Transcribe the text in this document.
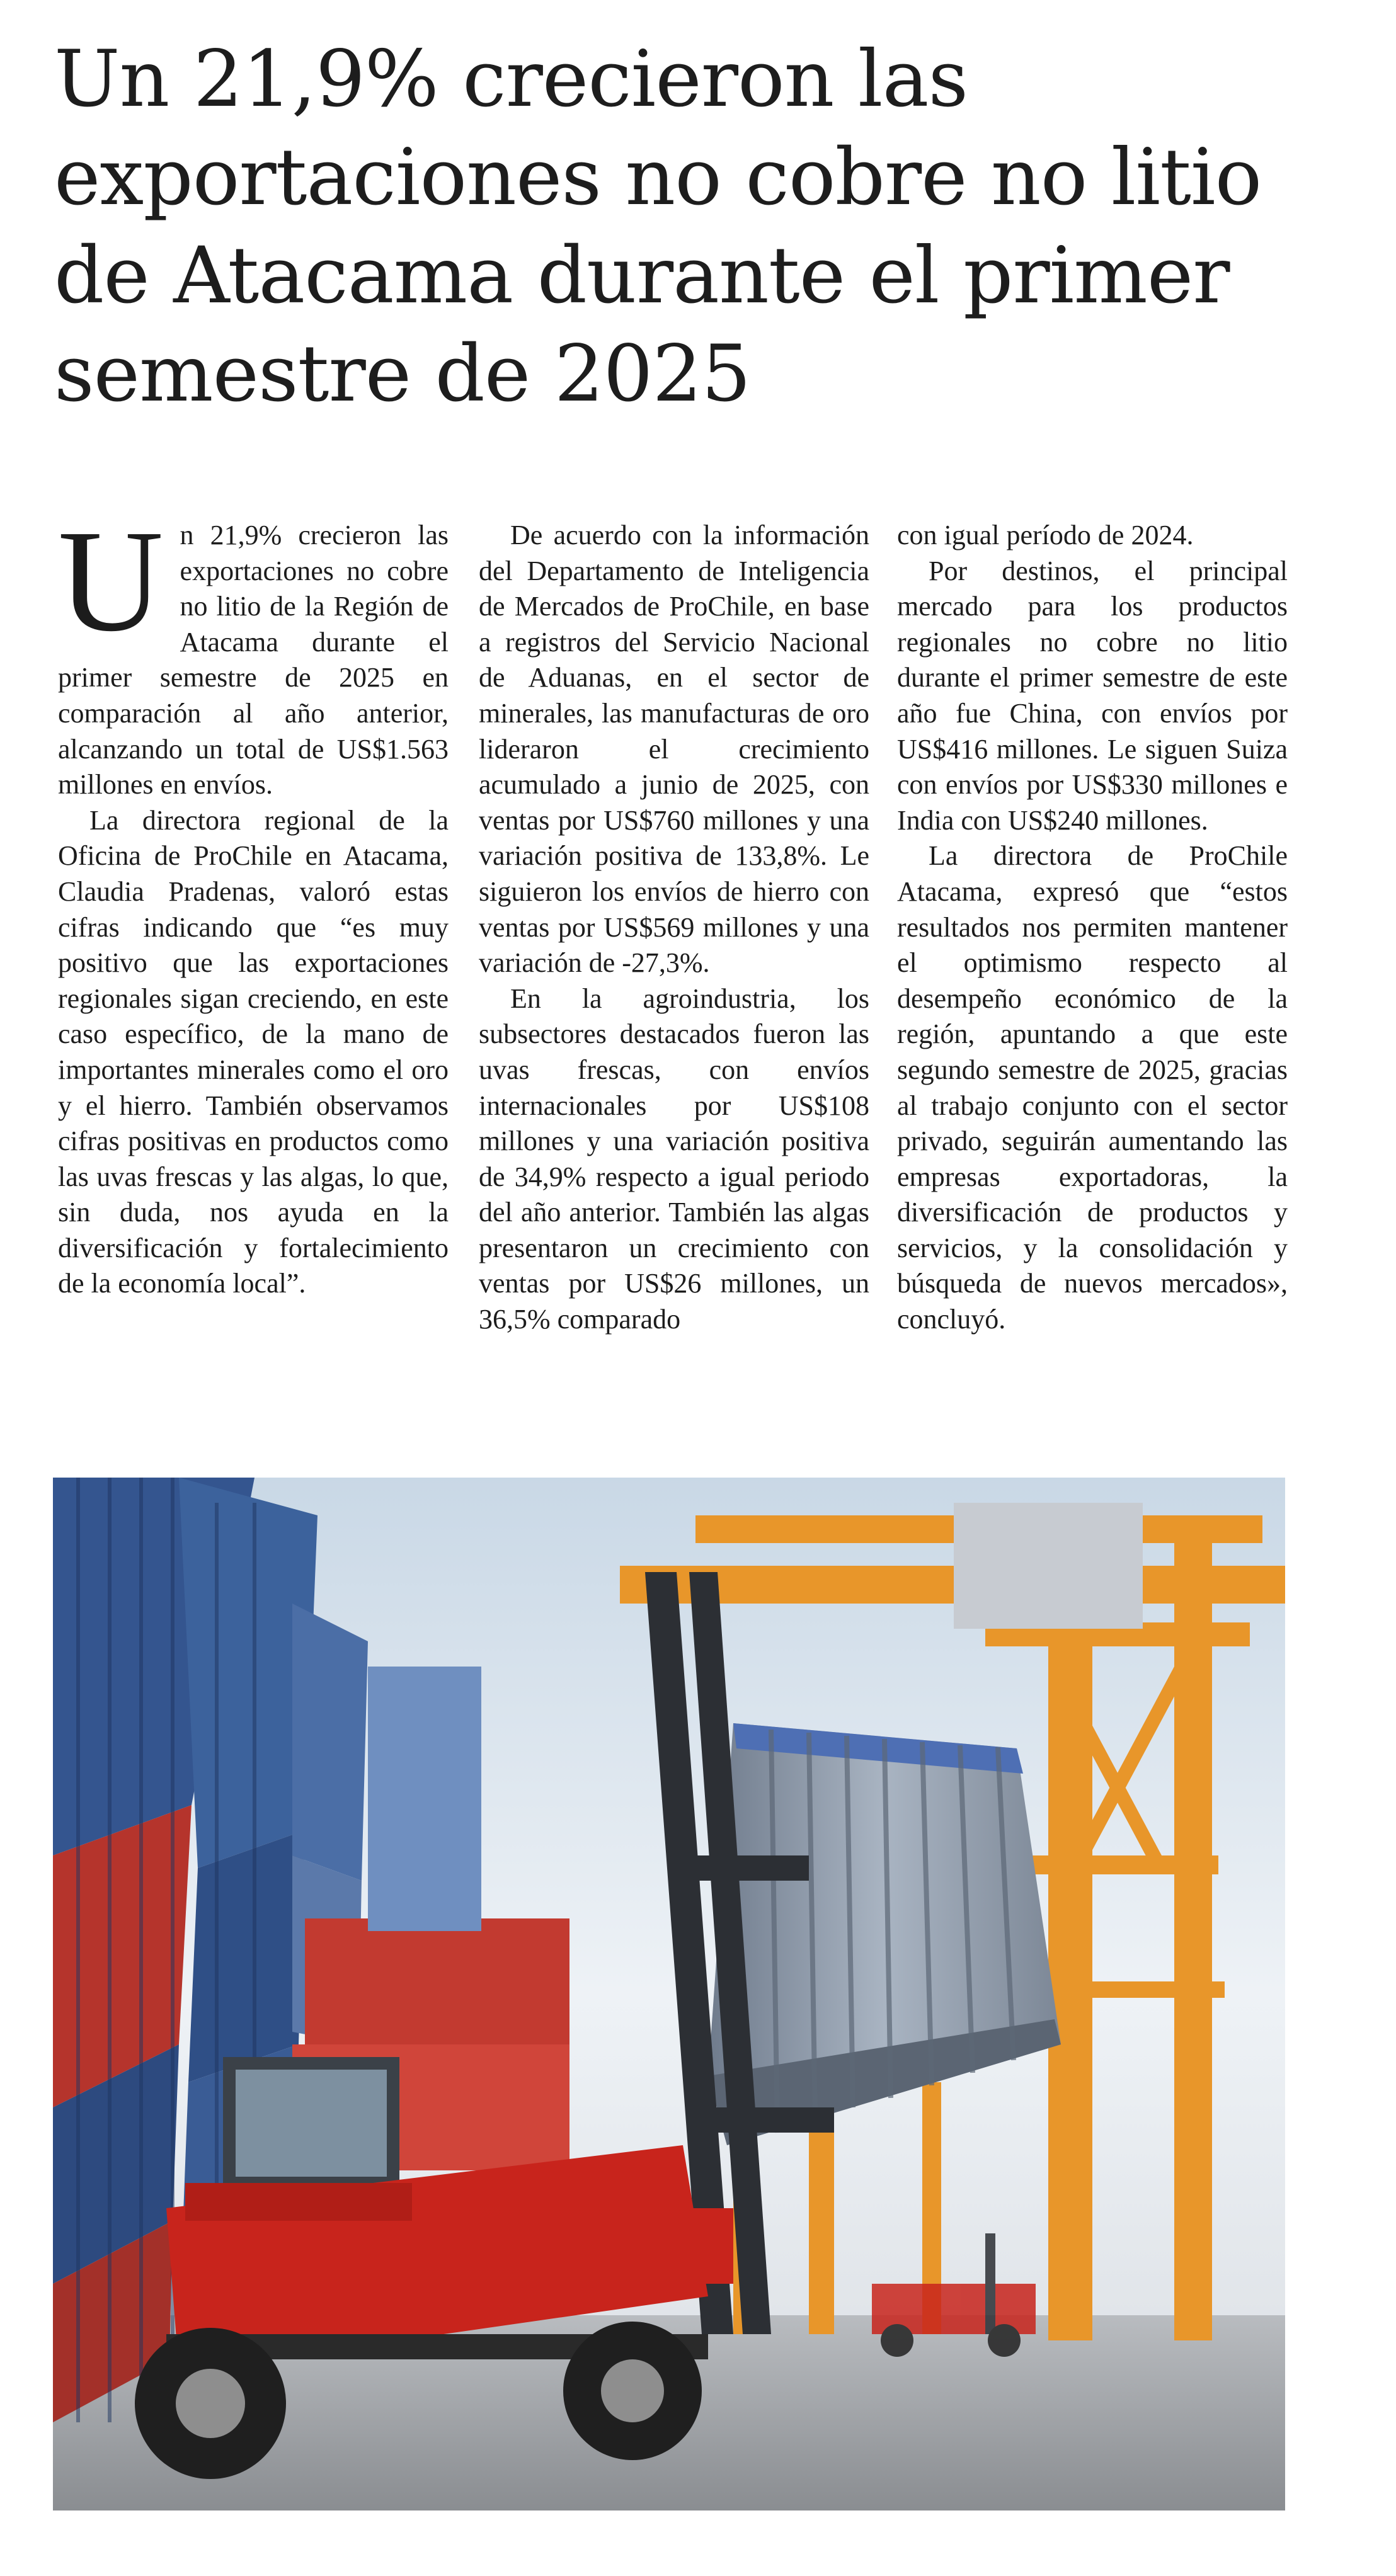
Un 21,9% crecieron las exportaciones no cobre no litio de Atacama durante el primer semestre de 2025

Un 21,9% crecieron las exportaciones no cobre no litio de la Región de Atacama durante el primer semestre de 2025 en comparación al año anterior, alcanzando un total de US$1.563 millones en envíos.

La directora regional de la Oficina de ProChile en Atacama, Claudia Pradenas, valoró estas cifras indicando que “es muy positivo que las exportaciones regionales sigan creciendo, en este caso específico, de la mano de importantes minerales como el oro y el hierro. También observamos cifras positivas en productos como las uvas frescas y las algas, lo que, sin duda, nos ayuda en la diversificación y fortalecimiento de la economía local”.

De acuerdo con la información del Departamento de Inteligencia de Mercados de ProChile, en base a registros del Servicio Nacional de Aduanas, en el sector de minerales, las manufacturas de oro lideraron el crecimiento acumulado a junio de 2025, con ventas por US$760 millones y una variación positiva de 133,8%. Le siguieron los envíos de hierro con ventas por US$569 millones y una variación de -27,3%.

En la agroindustria, los subsectores destacados fueron las uvas frescas, con envíos internacionales por US$108 millones y una variación positiva de 34,9% respecto a igual periodo del año anterior. También las algas presentaron un crecimiento con ventas por US$26 millones, un 36,5% comparado

con igual período de 2024.

Por destinos, el principal mercado para los productos regionales no cobre no litio durante el primer semestre de este año fue China, con envíos por US$416 millones. Le siguen Suiza con envíos por US$330 millones e India con US$240 millones.

La directora de ProChile Atacama, expresó que “estos resultados nos permiten mantener el optimismo respecto al desempeño económico de la región, apuntando a que este segundo semestre de 2025, gracias al trabajo conjunto con el sector privado, seguirán aumentando las empresas exportadoras, la diversificación de productos y servicios, y la consolidación y búsqueda de nuevos mercados», concluyó.
